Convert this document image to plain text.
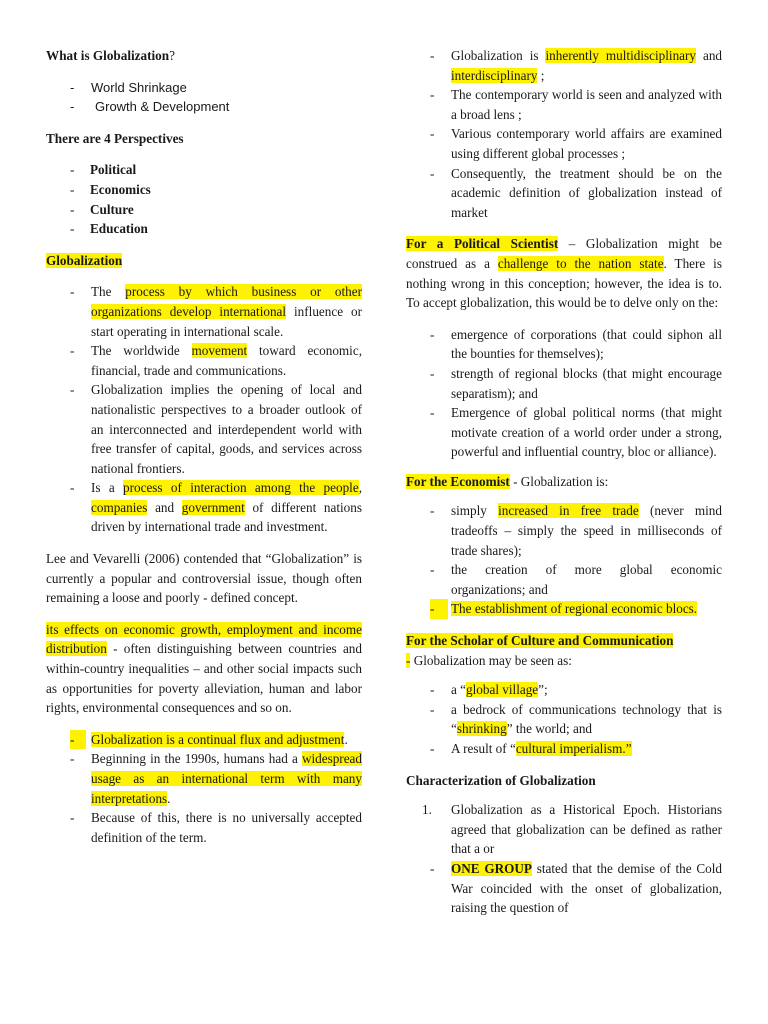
What is Globalization?

- World Shrinkage
- Growth & Development

There are 4 Perspectives

- Political
- Economics
- Culture
- Education

Globalization

- The process by which business or other organizations develop international influence or start operating in international scale.
- The worldwide movement toward economic, financial, trade and communications.
- Globalization implies the opening of local and nationalistic perspectives to a broader outlook of an interconnected and interdependent world with free transfer of capital, goods, and services across national frontiers.
- Is a process of interaction among the people, companies and government of different nations driven by international trade and investment.

Lee and Vevarelli (2006) contended that “Globalization” is currently a popular and controversial issue, though often remaining a loose and poorly - defined concept.

its effects on economic growth, employment and income distribution - often distinguishing between countries and within-country inequalities – and other social impacts such as opportunities for poverty alleviation, human and labor rights, environmental consequences and so on.

-	Globalization is a continual flux and adjustment.
- Beginning in the 1990s, humans had a widespread usage as an international term with many interpretations.
- Because of this, there is no universally accepted definition of the term.
- Globalization is inherently multidisciplinary and interdisciplinary ;
- The contemporary world is seen and analyzed with a broad lens ;
- Various contemporary world affairs are examined using different global processes ;
- Consequently, the treatment should be on the academic definition of globalization instead of market

For a Political Scientist – Globalization might be construed as a challenge to the nation state. There is nothing wrong in this conception; however, the idea is to. To accept globalization, this would be to delve only on the:

- emergence of corporations (that could siphon all the bounties for themselves);
- strength of regional blocks (that might encourage separatism); and
- Emergence of global political norms (that might motivate creation of a world order under a strong, powerful and influential country, bloc or alliance).

For the Economist - Globalization is:

- simply increased in free trade (never mind tradeoffs – simply the speed in milliseconds of trade shares);
- the creation of more global economic organizations; and
-	The establishment of regional economic blocs.

For the Scholar of Culture and Communication
- Globalization may be seen as:

- a “global village”;
- a bedrock of communications technology that is “shrinking” the world; and
- A result of “cultural imperialism.”

Characterization of Globalization

1. Globalization as a Historical Epoch. Historians agreed that globalization can be defined as rather that a or
- ONE GROUP stated that the demise of the Cold War coincided with the onset of globalization, raising the question of
